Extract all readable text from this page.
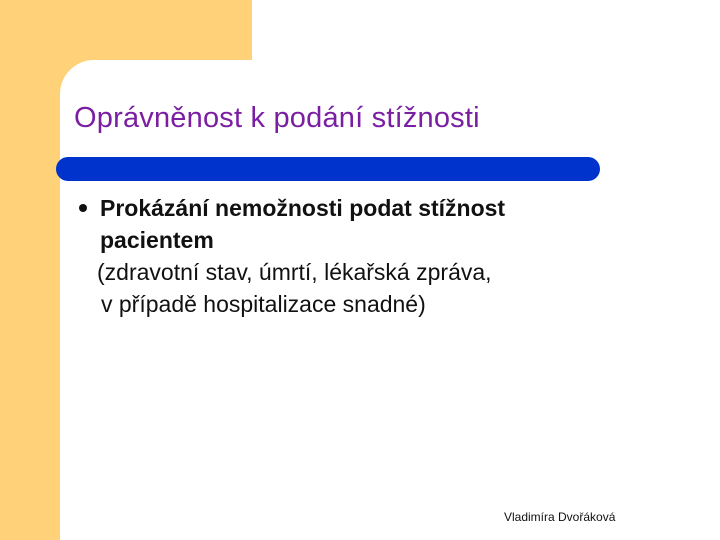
Oprávněnost k podání stížnosti

Prokázání nemožnosti podat stížnost
pacientem
(zdravotní stav, úmrtí, lékařská zpráva,
v případě hospitalizace snadné)

Vladimíra Dvořáková
